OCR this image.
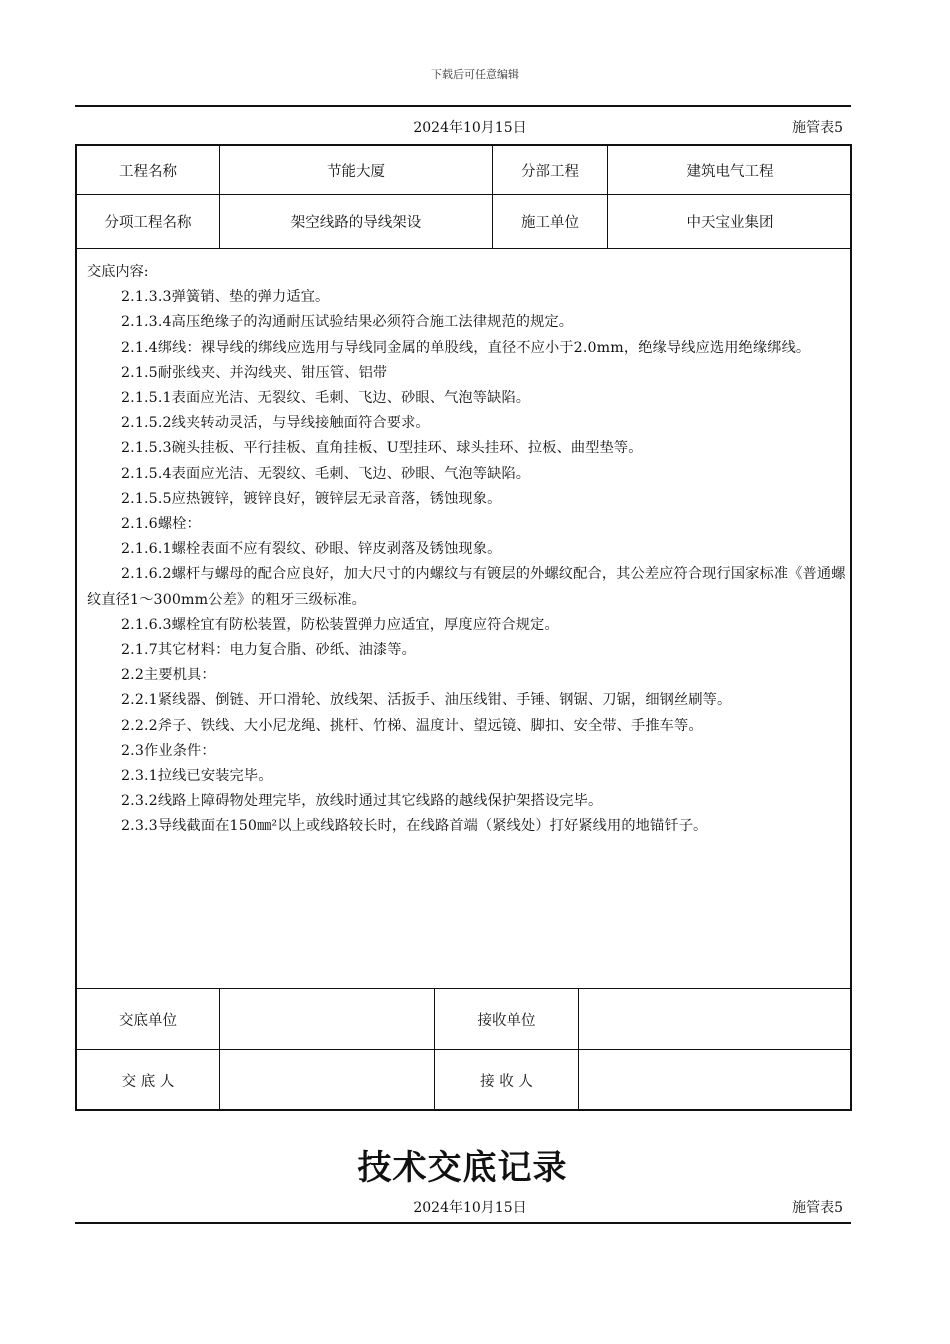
下载后可任意编辑
2024年10月15日	施管表5
工程名称	节能大厦	分部工程	建筑电气工程
分项工程名称	架空线路的导线架设	施工单位	中天宝业集团
交底内容:
2.1.3.3弹簧销、垫的弹力适宜。
2.1.3.4高压绝缘子的沟通耐压试验结果必须符合施工法律规范的规定。
2.1.4绑线：裸导线的绑线应选用与导线同金属的单股线，直径不应小于2.0mm，绝缘导线应选用绝缘绑线。
2.1.5耐张线夹、并沟线夹、钳压管、铝带
2.1.5.1表面应光洁、无裂纹、毛刺、飞边、砂眼、气泡等缺陷。
2.1.5.2线夹转动灵活，与导线接触面符合要求。
2.1.5.3碗头挂板、平行挂板、直角挂板、U型挂环、球头挂环、拉板、曲型垫等。
2.1.5.4表面应光洁、无裂纹、毛刺、飞边、砂眼、气泡等缺陷。
2.1.5.5应热镀锌，镀锌良好，镀锌层无录音落，锈蚀现象。
2.1.6螺栓：
2.1.6.1螺栓表面不应有裂纹、砂眼、锌皮剥落及锈蚀现象。
2.1.6.2螺杆与螺母的配合应良好，加大尺寸的内螺纹与有镀层的外螺纹配合，其公差应符合现行国家标准《普通螺纹直径1～300mm公差》的粗牙三级标准。
2.1.6.3螺栓宜有防松装置，防松装置弹力应适宜，厚度应符合规定。
2.1.7其它材料：电力复合脂、砂纸、油漆等。
2.2主要机具：
2.2.1紧线器、倒链、开口滑轮、放线架、活扳手、油压线钳、手锤、钢锯、刀锯，细钢丝刷等。
2.2.2斧子、铁线、大小尼龙绳、挑杆、竹梯、温度计、望远镜、脚扣、安全带、手推车等。
2.3作业条件：
2.3.1拉线已安装完毕。
2.3.2线路上障碍物处理完毕，放线时通过其它线路的越线保护架搭设完毕。
2.3.3导线截面在150㎜²以上或线路较长时，在线路首端（紧线处）打好紧线用的地锚钎子。
交底单位	接收单位
交 底 人	接 收 人
技术交底记录
2024年10月15日	施管表5
